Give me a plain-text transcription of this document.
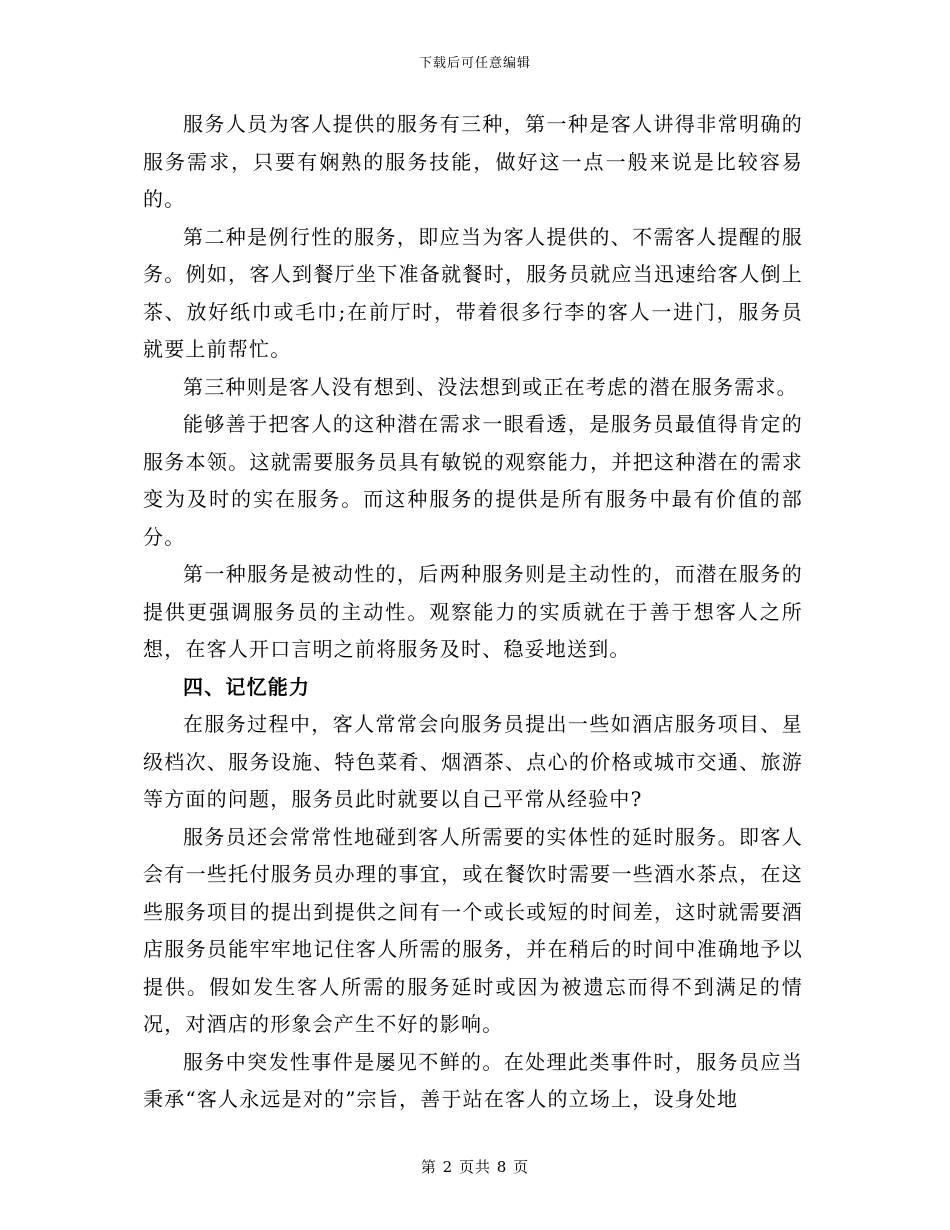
下载后可任意编辑

服务人员为客人提供的服务有三种，第一种是客人讲得非常明确的服务需求，只要有娴熟的服务技能，做好这一点一般来说是比较容易的。

第二种是例行性的服务，即应当为客人提供的、不需客人提醒的服务。例如，客人到餐厅坐下准备就餐时，服务员就应当迅速给客人倒上茶、放好纸巾或毛巾;在前厅时，带着很多行李的客人一进门，服务员就要上前帮忙。

第三种则是客人没有想到、没法想到或正在考虑的潜在服务需求。

能够善于把客人的这种潜在需求一眼看透，是服务员最值得肯定的服务本领。这就需要服务员具有敏锐的观察能力，并把这种潜在的需求变为及时的实在服务。而这种服务的提供是所有服务中最有价值的部分。

第一种服务是被动性的，后两种服务则是主动性的，而潜在服务的提供更强调服务员的主动性。观察能力的实质就在于善于想客人之所想，在客人开口言明之前将服务及时、稳妥地送到。

四、记忆能力

在服务过程中，客人常常会向服务员提出一些如酒店服务项目、星级档次、服务设施、特色菜肴、烟酒茶、点心的价格或城市交通、旅游等方面的问题，服务员此时就要以自己平常从经验中?

服务员还会常常性地碰到客人所需要的实体性的延时服务。即客人会有一些托付服务员办理的事宜，或在餐饮时需要一些酒水茶点，在这些服务项目的提出到提供之间有一个或长或短的时间差，这时就需要酒店服务员能牢牢地记住客人所需的服务，并在稍后的时间中准确地予以提供。假如发生客人所需的服务延时或因为被遗忘而得不到满足的情况，对酒店的形象会产生不好的影响。

服务中突发性事件是屡见不鲜的。在处理此类事件时，服务员应当秉承“客人永远是对的”宗旨，善于站在客人的立场上，设身处地

第 2 页共 8 页
